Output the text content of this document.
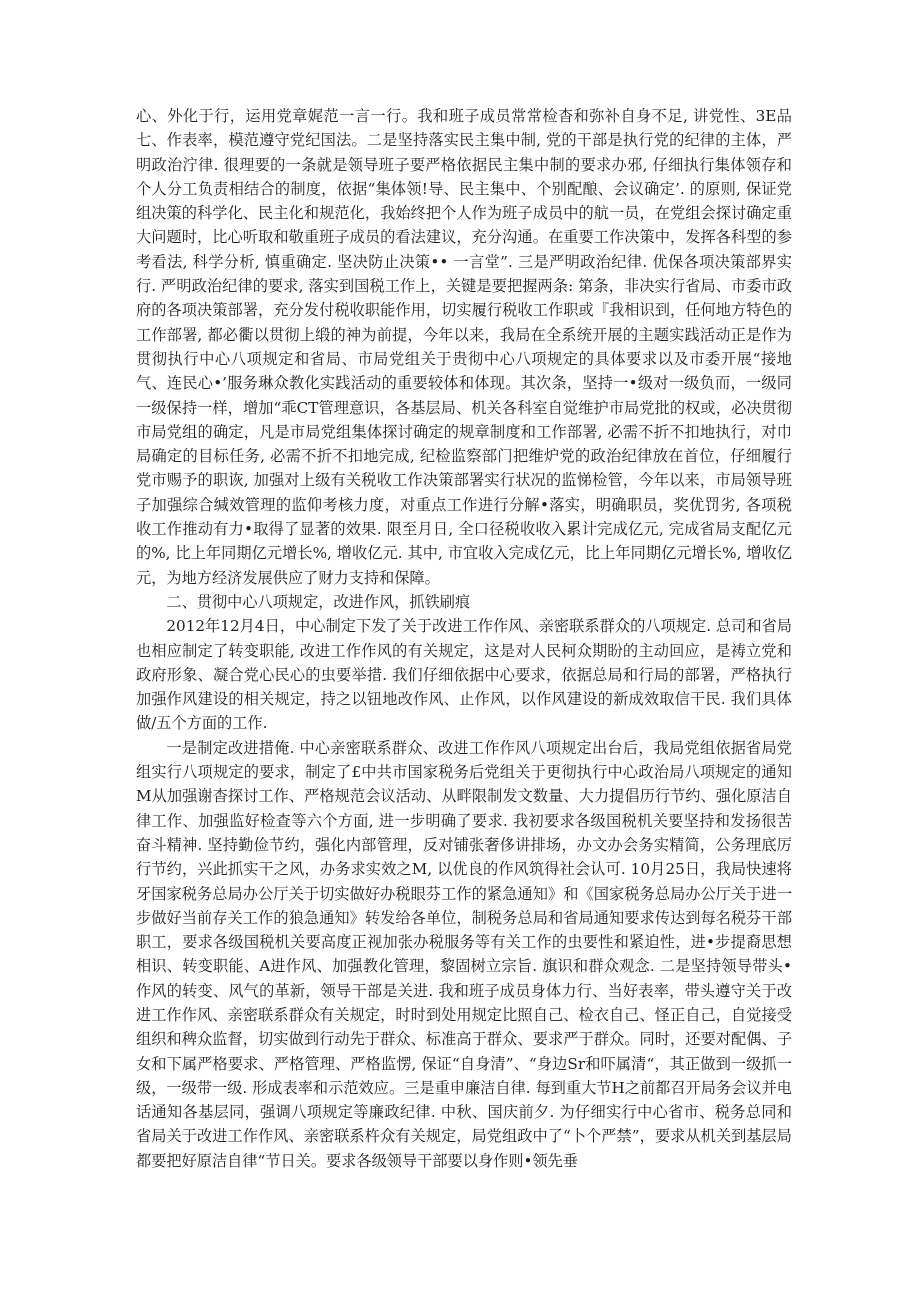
心、外化于行，运用党章娓范一言一行。我和班子成员常常检杳和弥补自身不足, 讲党性、3E品七、作表率，模范遵守党纪国法。二是坚持落实民主集中制, 党的干部是执行党的纪律的主体，严明政治泞律. 很理要的一条就是领导班子要严格依据民主集中制的要求办邪, 仔细执行集体领存和个人分工负责相结合的制度，依据“集体领!导、民主集中、个别配酿、会议确定’. 的原则, 保证党组决策的科学化、民主化和规范化，我始终把个人作为班子成员中的航一员，在党组会探讨确定重大问题时，比心听取和敬重班子成员的看法建议，充分沟通。在重要工作决策中，发挥各科型的参考看法, 科学分析, 慎重确定. 坚决防止决策•• 一言堂”. 三是严明政治纪律. 优保各项决策部界实行. 严明政治纪律的要求, 落实到国税工作上，关键是要把握两条: 第条，非决实行省局、市委市政府的各项决策部署，充分发付税收职能作用，切实履行税收工作职或『我相识到，任何地方特色的工作部署, 都必衢以贯彻上缎的神为前提，今年以来，我局在全系统开展的主题实践活动正是作为贯彻执行中心八项规定和省局、市局党组关于贵彻中心八项规定的具体要求以及市委开展“接地气、连民心•’服务琳众教化实践活动的重要较体和体现。其次条，坚持一•级对一级负而，一级同一级保持一样，增加“乖CT管理意识，各基层局、机关各科室自觉维护市局党批的权或，必决贯彻市局党组的确定，凡是市局党组集体探讨确定的规章制度和工作部署, 必需不折不扣地执行，对巾局确定的目标任务, 必需不折不扣地完成, 纪检监察部门把维炉党的政治纪律放在首位，仔细履行党市赐予的职诙, 加强对上级有关税收工作决策部署实行状况的监悌检管，今年以来，市局领导班子加强综合缄效管理的监仰考核力度，对重点工作进行分解•落实，明确职员，奖优罚劣, 各项税收工作推动有力•取得了显著的效果. 限至月日, 全口径税收收入累计完成亿元, 完成省局支配亿元的%, 比上年同期亿元增长%, 增收亿元. 其中, 市宜收入完成亿元，比上年同期亿元增长%, 增收亿元，为地方经济发展供应了财力支持和保障。

二、贯彻中心八项规定，改进作风，抓铁刷痕

2012年12月4日，中心制定下发了关于改进工作作风、亲密联系群众的八项规定. 总司和省局也相应制定了转变职能, 改进工作作风的有关规定，这是对人民柯众期盼的主动回应，是祷立党和政府形象、凝合党心民心的虫要举措. 我们仔细依据中心要求，依据总局和行局的部署，严格执行加强作风建设的相关规定，持之以钮地改作风、止作风，以作风建设的新成效取信干民. 我们具体做/五个方面的工作.

一是制定改进措俺. 中心亲密联系群众、改进工作作风八项规定出台后，我局党组依据省局党组实行八项规定的要求，制定了£中共市国家税务后党组关于更彻执行中心政治局八项规定的通知M从加强谢杳探讨工作、严格规范会议活动、从畔限制发文数量、大力提倡历行节约、强化原洁自律工作、加强监好检查等六个方面, 进一步明确了要求. 我初要求各级国税机关要坚持和发扬很苦奋斗精神. 坚持勤俭节约，强化内部管理，反对铺张奢侈讲排场，办文办会务实精简，公务理底厉行节约，兴此抓实干之风，办务求实效之M, 以优良的作风筑得社会认可. 10月25日，我局快速将牙国家税务总局办公厅关于切实做好办税眼芬工作的紧急通知》和《国家税务总局办公厅关于进一步做好当前存关工作的狼急通知》转发给各单位，制税务总局和省局通知要求传达到每名税芬干部职工，要求各级国税机关要高度正视加张办税服务等有关工作的虫要性和紧迫性，进•步提裔思想相识、转变职能、A进作风、加强教化管理，黎固树立宗旨. 旗识和群众观念. 二是坚持领导带头•作风的转变、风气的革新，领导干部是关进. 我和班子成员身体力行、当好表率，带头遵守关于改进工作作风、亲密联系群众有关规定，时时到处用规定比照自己、检衣自己、怪正自己，自觉接受组织和稗众监督，切实做到行动先于群众、标准高于群众、要求严于群众。同时，还要对配偶、子女和下属严格要求、严格管理、严格监愣, 保证“自身清”、“身边Sr和吓属清“，其正做到一级抓一级，一级带一级. 形成表率和示范效应。三是重申廉洁自律. 每到重大节H之前都召开局务会议并电话通知各基层同，强调八项规定等廉政纪律. 中秋、国庆前夕. 为仔细实行中心省市、税务总同和省局关于改进工作作风、亲密联系杵众有关规定，局党组政中了“卜个严禁”，要求从机关到基层局都要把好原洁自律“节日关。要求各级领导干部要以身作则•领先垂
